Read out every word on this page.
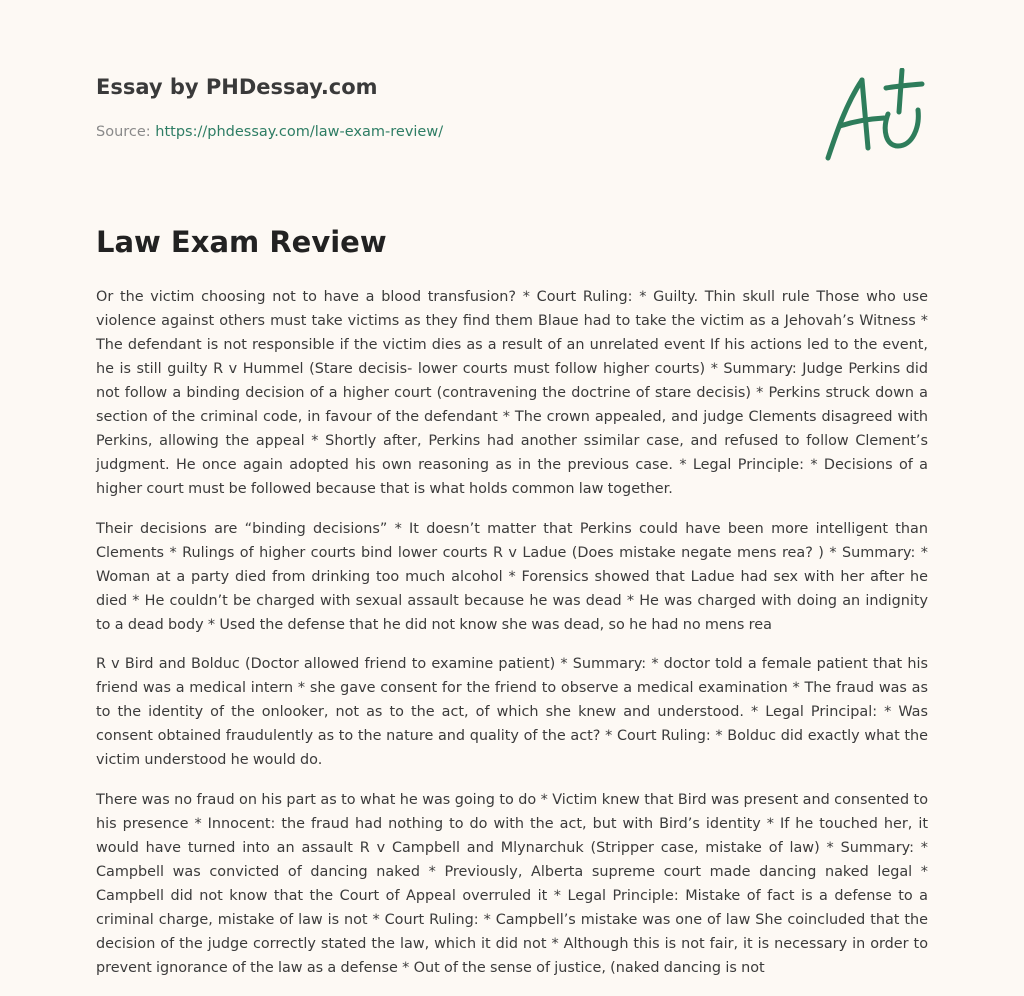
Essay by PHDessay.com
Source: https://phdessay.com/law-exam-review/
Law Exam Review

Or the victim choosing not to have a blood transfusion? * Court Ruling: * Guilty. Thin skull rule Those who use violence against others must take victims as they find them Blaue had to take the victim as a Jehovah’s Witness * The defendant is not responsible if the victim dies as a result of an unrelated event If his actions led to the event, he is still guilty R v Hummel (Stare decisis- lower courts must follow higher courts) * Summary: Judge Perkins did not follow a binding decision of a higher court (contravening the doctrine of stare decisis) * Perkins struck down a section of the criminal code, in favour of the defendant * The crown appealed, and judge Clements disagreed with Perkins, allowing the appeal * Shortly after, Perkins had another ssimilar case, and refused to follow Clement’s judgment. He once again adopted his own reasoning as in the previous case. * Legal Principle: * Decisions of a higher court must be followed because that is what holds common law together.

Their decisions are “binding decisions” * It doesn’t matter that Perkins could have been more intelligent than Clements * Rulings of higher courts bind lower courts R v Ladue (Does mistake negate mens rea? ) * Summary: * Woman at a party died from drinking too much alcohol * Forensics showed that Ladue had sex with her after he died * He couldn’t be charged with sexual assault because he was dead * He was charged with doing an indignity to a dead body * Used the defense that he did not know she was dead, so he had no mens rea

R v Bird and Bolduc (Doctor allowed friend to examine patient) * Summary: * doctor told a female patient that his friend was a medical intern * she gave consent for the friend to observe a medical examination * The fraud was as to the identity of the onlooker, not as to the act, of which she knew and understood. * Legal Principal: * Was consent obtained fraudulently as to the nature and quality of the act? * Court Ruling: * Bolduc did exactly what the victim understood he would do.

There was no fraud on his part as to what he was going to do * Victim knew that Bird was present and consented to his presence * Innocent: the fraud had nothing to do with the act, but with Bird’s identity * If he touched her, it would have turned into an assault R v Campbell and Mlynarchuk (Stripper case, mistake of law) * Summary: * Campbell was convicted of dancing naked * Previously, Alberta supreme court made dancing naked legal * Campbell did not know that the Court of Appeal overruled it * Legal Principle: Mistake of fact is a defense to a criminal charge, mistake of law is not * Court Ruling: * Campbell’s mistake was one of law She coincluded that the decision of the judge correctly stated the law, which it did not * Although this is not fair, it is necessary in order to prevent ignorance of the law as a defense * Out of the sense of justice, (naked dancing is not
